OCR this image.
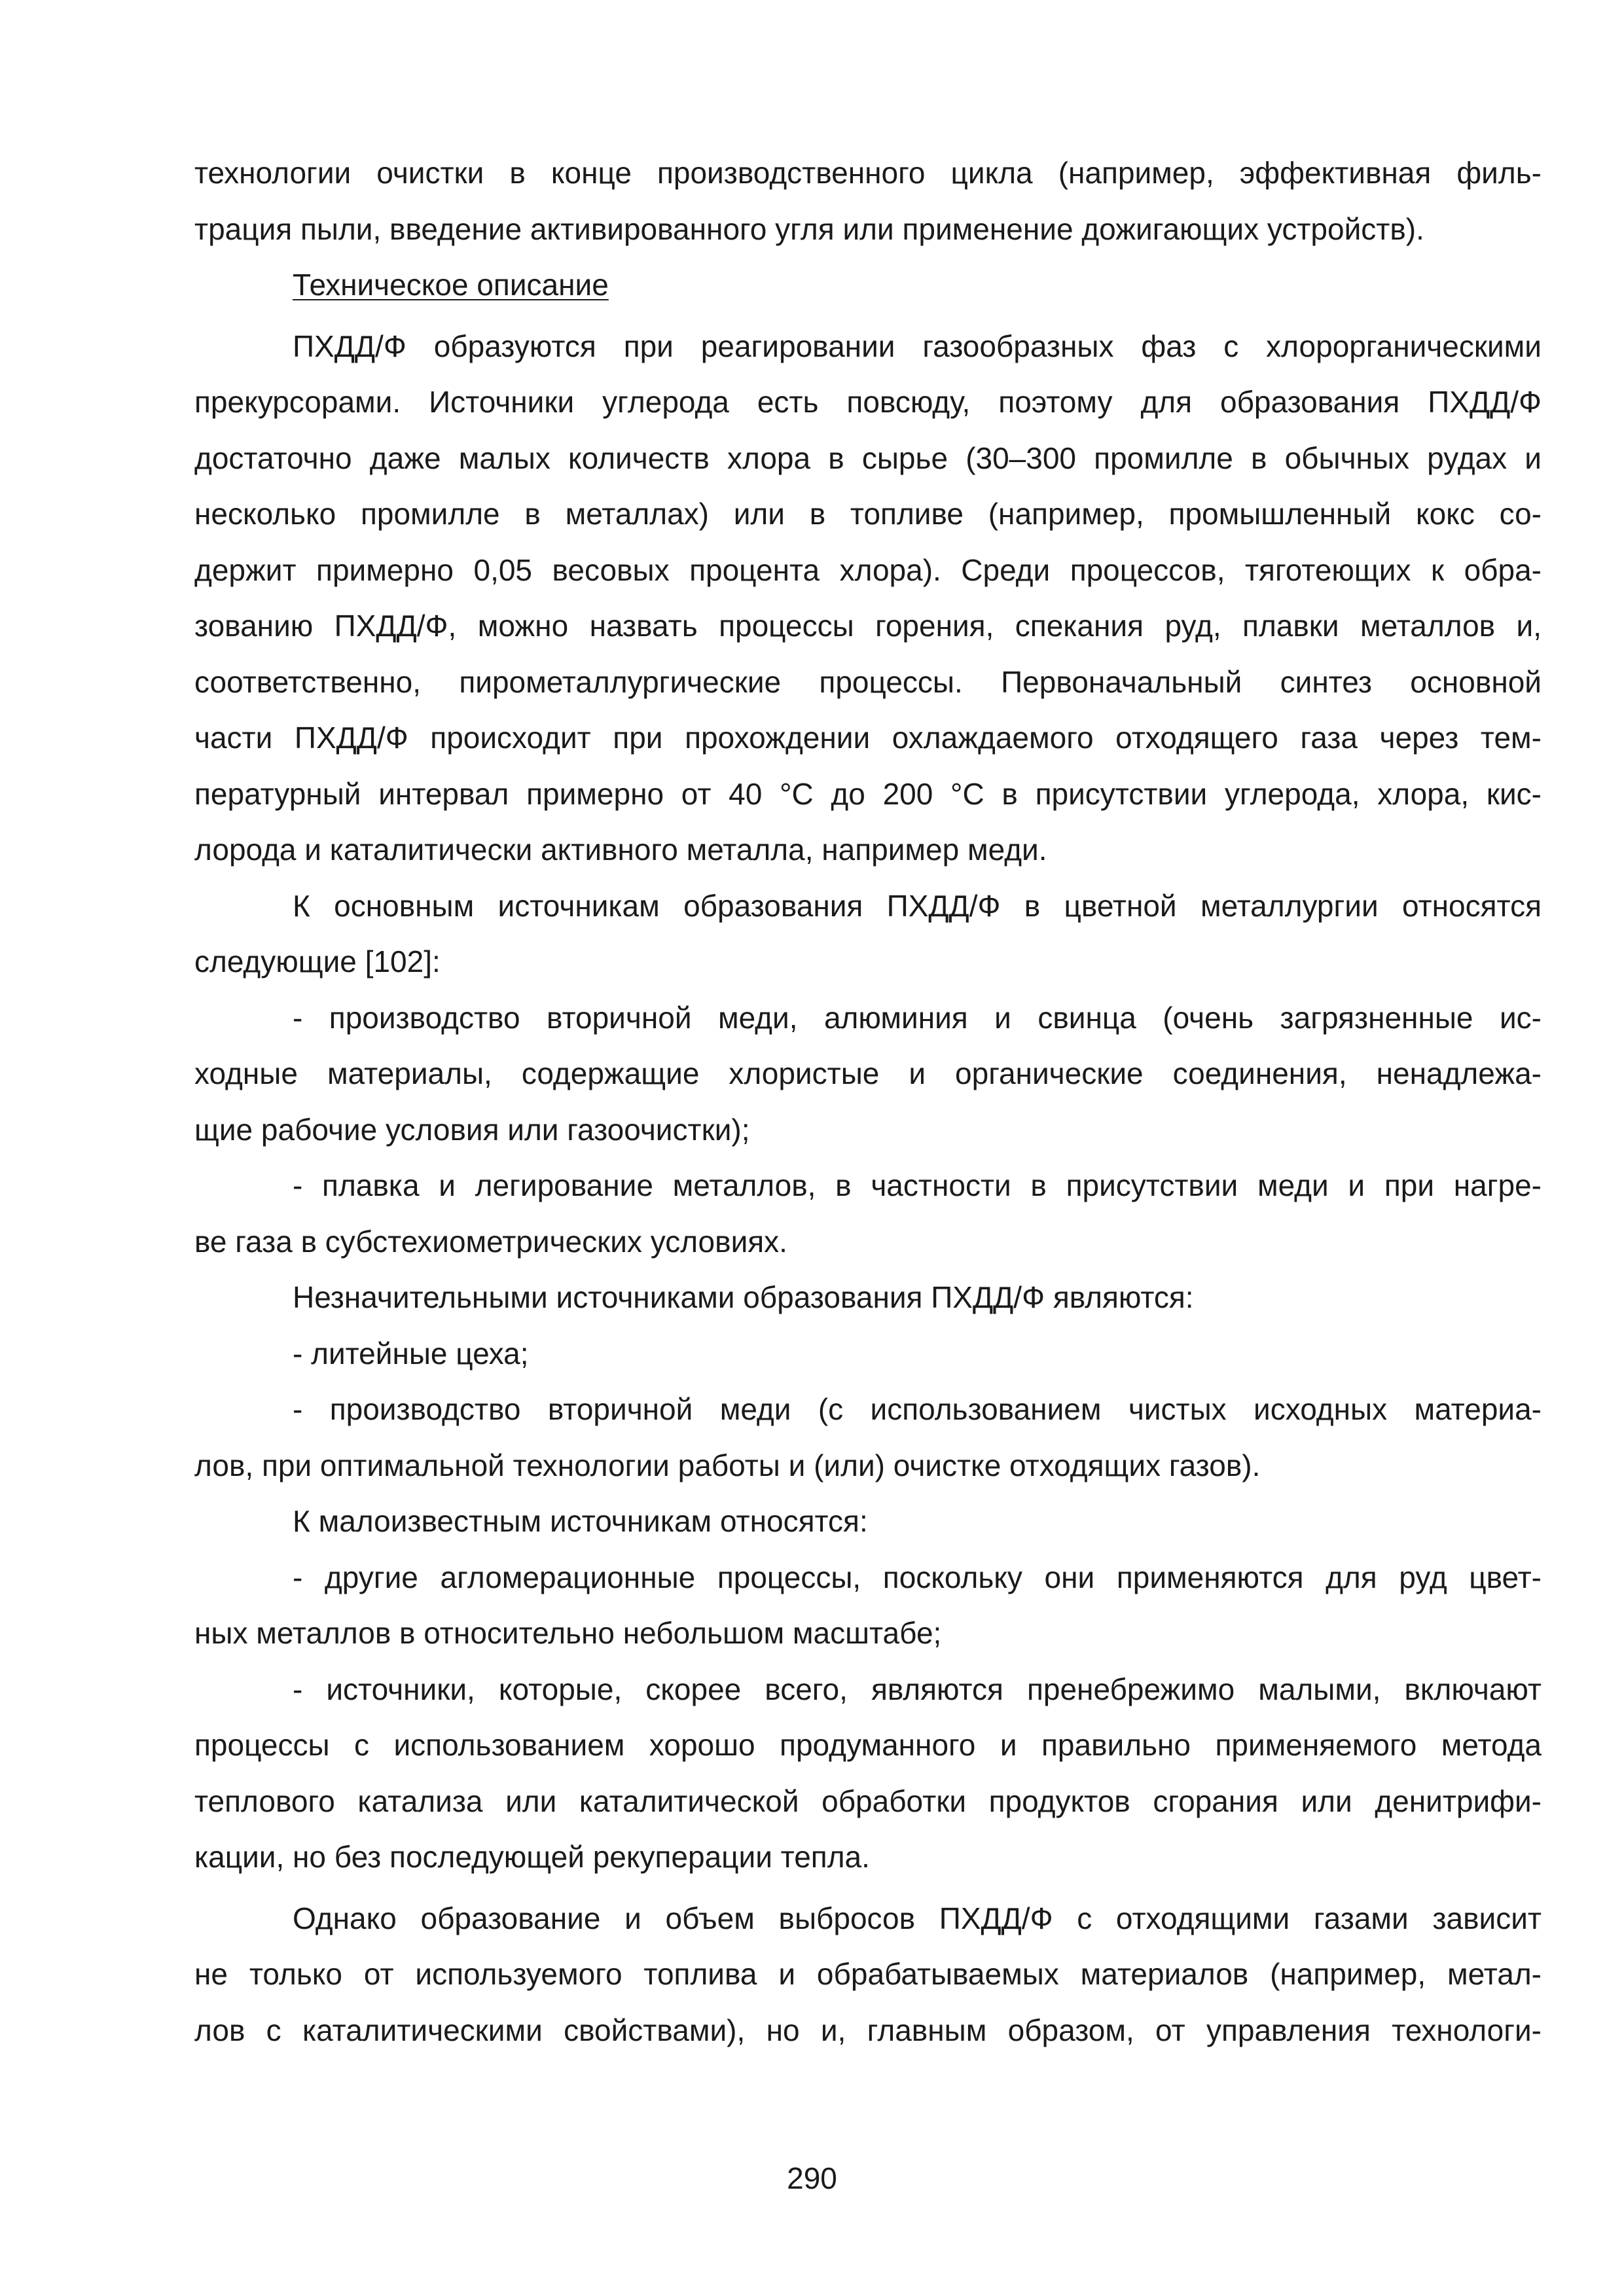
технологии очистки в конце производственного цикла (например, эффективная филь-
трация пыли, введение активированного угля или применение дожигающих устройств).
Техническое описание
ПХДД/Ф образуются при реагировании газообразных фаз с хлорорганическими
прекурсорами. Источники углерода есть повсюду, поэтому для образования ПХДД/Ф
достаточно даже малых количеств хлора в сырье (30–300 промилле в обычных рудах и
несколько промилле в металлах) или в топливе (например, промышленный кокс со-
держит примерно 0,05 весовых процента хлора). Среди процессов, тяготеющих к обра-
зованию ПХДД/Ф, можно назвать процессы горения, спекания руд, плавки металлов и,
соответственно, пирометаллургические процессы. Первоначальный синтез основной
части ПХДД/Ф происходит при прохождении охлаждаемого отходящего газа через тем-
пературный интервал примерно от 40 °С до 200 °С в присутствии углерода, хлора, кис-
лорода и каталитически активного металла, например меди.
К основным источникам образования ПХДД/Ф в цветной металлургии относятся
следующие [102]:
- производство вторичной меди, алюминия и свинца (очень загрязненные ис-
ходные материалы, содержащие хлористые и органические соединения, ненадлежа-
щие рабочие условия или газоочистки);
- плавка и легирование металлов, в частности в присутствии меди и при нагре-
ве газа в субстехиометрических условиях.
Незначительными источниками образования ПХДД/Ф являются:
- литейные цеха;
- производство вторичной меди (с использованием чистых исходных материа-
лов, при оптимальной технологии работы и (или) очистке отходящих газов).
К малоизвестным источникам относятся:
- другие агломерационные процессы, поскольку они применяются для руд цвет-
ных металлов в относительно небольшом масштабе;
- источники, которые, скорее всего, являются пренебрежимо малыми, включают
процессы с использованием хорошо продуманного и правильно применяемого метода
теплового катализа или каталитической обработки продуктов сгорания или денитрифи-
кации, но без последующей рекуперации тепла.
Однако образование и объем выбросов ПХДД/Ф с отходящими газами зависит
не только от используемого топлива и обрабатываемых материалов (например, метал-
лов с каталитическими свойствами), но и, главным образом, от управления технологи-
290
